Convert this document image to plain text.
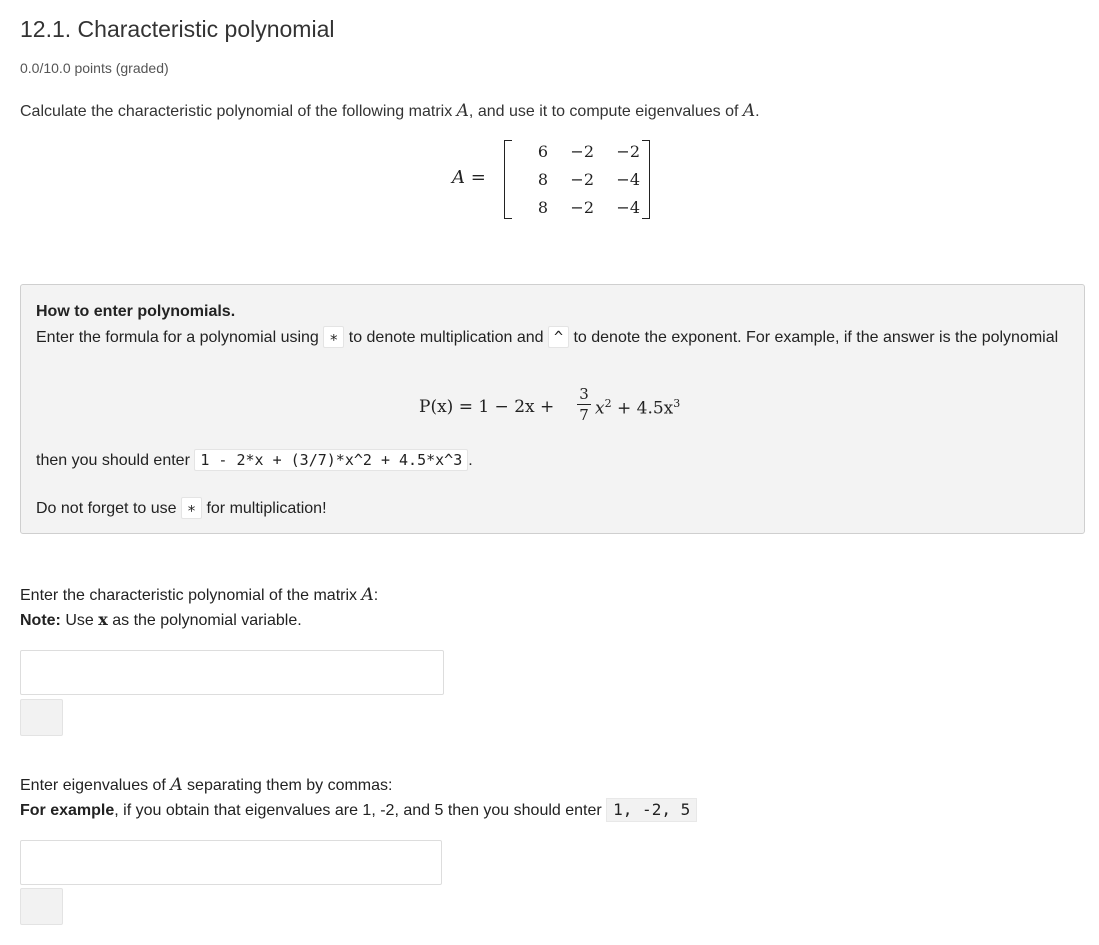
12.1. Characteristic polynomial
0.0/10.0 points (graded)
Calculate the characteristic polynomial of the following matrix A, and use it to compute eigenvalues of A.
A =
6	−2	−2
8	−2	−4
8	−2	−4
How to enter polynomials.
Enter the formula for a polynomial using ∗ to denote multiplication and ^ to denote the exponent. For example, if the answer is the polynomial
P(x) = 1 − 2x +
3
7 $x^2 + 4.5x^3$
then you should enter 1 - 2*x + (3/7)*x^2 + 4.5*x^3 .
Do not forget to use ∗ for multiplication!
Enter the characteristic polynomial of the matrix A:
Note: Use x as the polynomial variable.
Enter eigenvalues of A separating them by commas:
For example, if you obtain that eigenvalues are 1, -2, and 5 then you should enter 1, -2, 5
